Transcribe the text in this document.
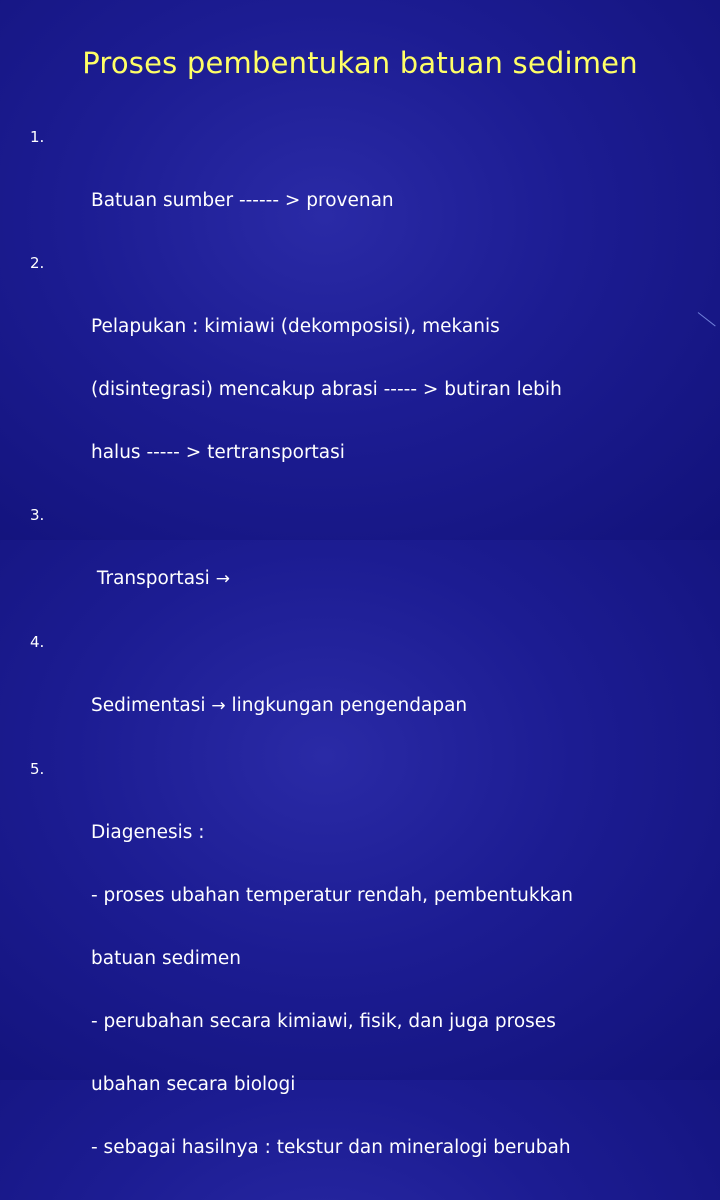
Proses pembentukan batuan sedimen

1.

Batuan sumber ------ > provenan

2.

Pelapukan : kimiawi (dekomposisi), mekanis

(disintegrasi) mencakup abrasi ----- > butiran lebih

halus ----- > tertransportasi

3.

Transportasi →

4.

Sedimentasi → lingkungan pengendapan

5.

Diagenesis :

- proses ubahan temperatur rendah, pembentukkan

batuan sedimen

- perubahan secara kimiawi, fisik, dan juga proses

ubahan secara biologi

- sebagai hasilnya : tekstur dan mineralogi berubah
